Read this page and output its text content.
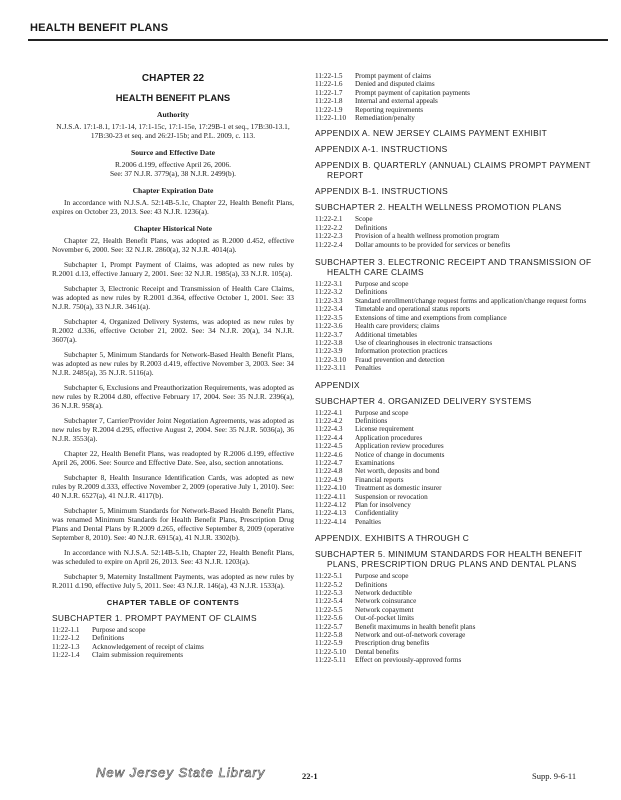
HEALTH BENEFIT PLANS
CHAPTER 22
HEALTH BENEFIT PLANS
Authority
N.J.S.A. 17:1-8.1, 17:1-14, 17:1-15c, 17:1-15e, 17:29B-1 et seq., 17B:30-13.1, 17B:30-23 et seq. and 26:2J-15b; and P.L. 2009, c. 113.
Source and Effective Date
R.2006 d.199, effective April 26, 2006.
See: 37 N.J.R. 3779(a), 38 N.J.R. 2499(b).
Chapter Expiration Date
In accordance with N.J.S.A. 52:14B-5.1c, Chapter 22, Health Benefit Plans, expires on October 23, 2013. See: 43 N.J.R. 1236(a).
Chapter Historical Note
Chapter 22, Health Benefit Plans, was adopted as R.2000 d.452, effective November 6, 2000. See: 32 N.J.R. 2860(a), 32 N.J.R. 4014(a).
Subchapter 1, Prompt Payment of Claims, was adopted as new rules by R.2001 d.13, effective January 2, 2001. See: 32 N.J.R. 1985(a), 33 N.J.R. 105(a).
Subchapter 3, Electronic Receipt and Transmission of Health Care Claims, was adopted as new rules by R.2001 d.364, effective October 1, 2001. See: 33 N.J.R. 750(a), 33 N.J.R. 3461(a).
Subchapter 4, Organized Delivery Systems, was adopted as new rules by R.2002 d.336, effective October 21, 2002. See: 34 N.J.R. 20(a), 34 N.J.R. 3607(a).
Subchapter 5, Minimum Standards for Network-Based Health Benefit Plans, was adopted as new rules by R.2003 d.419, effective November 3, 2003. See: 34 N.J.R. 2485(a), 35 N.J.R. 5116(a).
Subchapter 6, Exclusions and Preauthorization Requirements, was adopted as new rules by R.2004 d.80, effective February 17, 2004. See: 35 N.J.R. 2396(a), 36 N.J.R. 958(a).
Subchapter 7, Carrier/Provider Joint Negotiation Agreements, was adopted as new rules by R.2004 d.295, effective August 2, 2004. See: 35 N.J.R. 5036(a), 36 N.J.R. 3553(a).
Chapter 22, Health Benefit Plans, was readopted by R.2006 d.199, effective April 26, 2006. See: Source and Effective Date. See, also, section annotations.
Subchapter 8, Health Insurance Identification Cards, was adopted as new rules by R.2009 d.333, effective November 2, 2009 (operative July 1, 2010). See: 40 N.J.R. 6527(a), 41 N.J.R. 4117(b).
Subchapter 5, Minimum Standards for Network-Based Health Benefit Plans, was renamed Minimum Standards for Health Benefit Plans, Prescription Drug Plans and Dental Plans by R.2009 d.265, effective September 8, 2009 (operative September 8, 2010). See: 40 N.J.R. 6915(a), 41 N.J.R. 3302(b).
In accordance with N.J.S.A. 52:14B-5.1b, Chapter 22, Health Benefit Plans, was scheduled to expire on April 26, 2013. See: 43 N.J.R. 1203(a).
Subchapter 9, Maternity Installment Payments, was adopted as new rules by R.2011 d.190, effective July 5, 2011. See: 43 N.J.R. 146(a), 43 N.J.R. 1533(a).
CHAPTER TABLE OF CONTENTS
SUBCHAPTER 1. PROMPT PAYMENT OF CLAIMS
11:22-1.1	Purpose and scope
11:22-1.2	Definitions
11:22-1.3	Acknowledgement of receipt of claims
11:22-1.4	Claim submission requirements
11:22-1.5	Prompt payment of claims
11:22-1.6	Denied and disputed claims
11:22-1.7	Prompt payment of capitation payments
11:22-1.8	Internal and external appeals
11:22-1.9	Reporting requirements
11:22-1.10	Remediation/penalty
APPENDIX A. NEW JERSEY CLAIMS PAYMENT EXHIBIT
APPENDIX A-1. INSTRUCTIONS
APPENDIX B. QUARTERLY (ANNUAL) CLAIMS PROMPT PAYMENT REPORT
APPENDIX B-1. INSTRUCTIONS
SUBCHAPTER 2. HEALTH WELLNESS PROMOTION PLANS
11:22-2.1	Scope
11:22-2.2	Definitions
11:22-2.3	Provision of a health wellness promotion program
11:22-2.4	Dollar amounts to be provided for services or benefits
SUBCHAPTER 3. ELECTRONIC RECEIPT AND TRANSMISSION OF HEALTH CARE CLAIMS
11:22-3.1	Purpose and scope
11:22-3.2	Definitions
11:22-3.3	Standard enrollment/change request forms and application/change request forms
11:22-3.4	Timetable and operational status reports
11:22-3.5	Extensions of time and exemptions from compliance
11:22-3.6	Health care providers; claims
11:22-3.7	Additional timetables
11:22-3.8	Use of clearinghouses in electronic transactions
11:22-3.9	Information protection practices
11:22-3.10	Fraud prevention and detection
11:22-3.11	Penalties
APPENDIX
SUBCHAPTER 4. ORGANIZED DELIVERY SYSTEMS
11:22-4.1	Purpose and scope
11:22-4.2	Definitions
11:22-4.3	License requirement
11:22-4.4	Application procedures
11:22-4.5	Application review procedures
11:22-4.6	Notice of change in documents
11:22-4.7	Examinations
11:22-4.8	Net worth, deposits and bond
11:22-4.9	Financial reports
11:22-4.10	Treatment as domestic insurer
11:22-4.11	Suspension or revocation
11:22-4.12	Plan for insolvency
11:22-4.13	Confidentiality
11:22-4.14	Penalties
APPENDIX. EXHIBITS A THROUGH C
SUBCHAPTER 5. MINIMUM STANDARDS FOR HEALTH BENEFIT PLANS, PRESCRIPTION DRUG PLANS AND DENTAL PLANS
11:22-5.1	Purpose and scope
11:22-5.2	Definitions
11:22-5.3	Network deductible
11:22-5.4	Network coinsurance
11:22-5.5	Network copayment
11:22-5.6	Out-of-pocket limits
11:22-5.7	Benefit maximums in health benefit plans
11:22-5.8	Network and out-of-network coverage
11:22-5.9	Prescription drug benefits
11:22-5.10	Dental benefits
11:22-5.11	Effect on previously-approved forms
New Jersey State Library	22-1	Supp. 9-6-11
